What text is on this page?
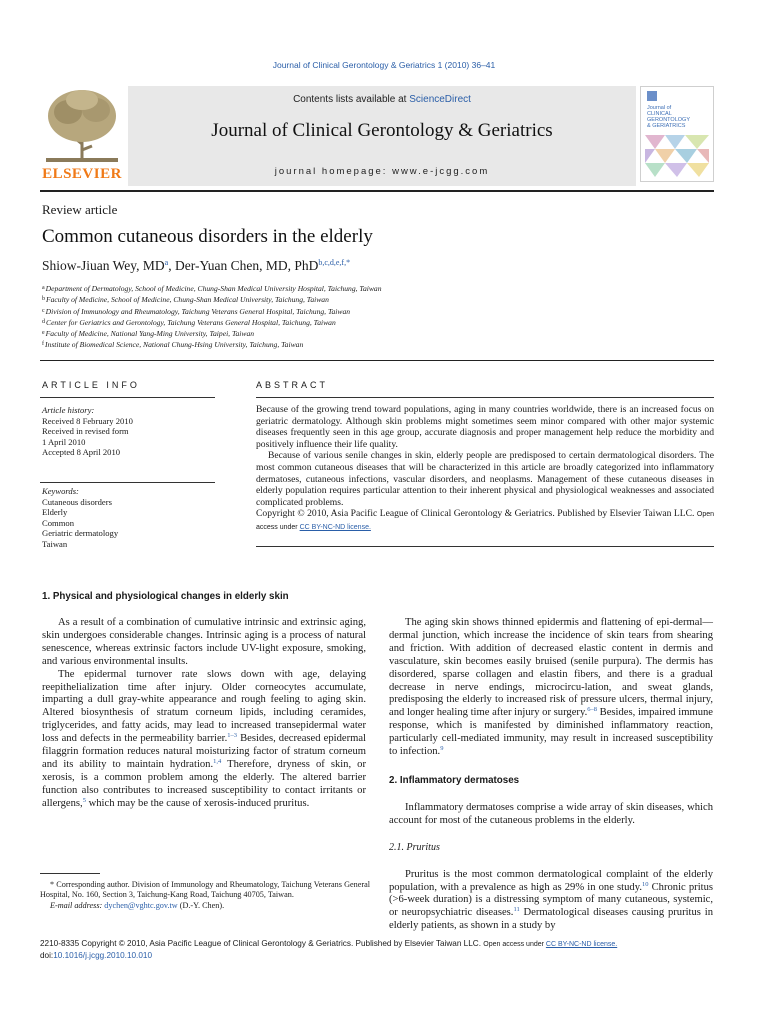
Journal of Clinical Gerontology & Geriatrics 1 (2010) 36–41
ELSEVIER
Contents lists available at ScienceDirect
Journal of Clinical Gerontology & Geriatrics
journal homepage: www.e-jcgg.com
Journal of
CLINICAL
GERONTOLOGY
& GERIATRICS
Review article
Common cutaneous disorders in the elderly
Shiow-Jiuan Wey, $MD^a$, Der-Yuan Chen, MD, PhD$^{b,c,d,e,f,*}$
$^a$Department of Dermatology, School of Medicine, Chung-Shan Medical University Hospital, Taichung, Taiwan
$^b$Faculty of Medicine, School of Medicine, Chung-Shan Medical University, Taichung, Taiwan
$^c$Division of Immunology and Rheumatology, Taichung Veterans General Hospital, Taichung, Taiwan
$^d$Center for Geriatrics and Gerontology, Taichung Veterans General Hospital, Taichung, Taiwan
$^e$Faculty of Medicine, National Yang-Ming University, Taipei, Taiwan
$^f$Institute of Biomedical Science, National Chung-Hsing University, Taichung, Taiwan
ARTICLE INFO
Article history:
Received 8 February 2010
Received in revised form
1 April 2010
Accepted 8 April 2010
Keywords:
Cutaneous disorders
Elderly
Common
Geriatric dermatology
Taiwan
ABSTRACT

Because of the growing trend toward populations, aging in many countries worldwide, there is an increased focus on geriatric dermatology. Although skin problems might sometimes seem minor compared with other major systemic diseases frequently seen in this age group, accurate diagnosis and proper management help reduce the morbidity and positively influence their life quality.

Because of various senile changes in skin, elderly people are predisposed to certain dermatological disorders. The most common cutaneous diseases that will be characterized in this article are broadly categorized into inflammatory dermatoses, cutaneous infections, vascular disorders, and neoplasms. Management of these cutaneous diseases in elderly population requires particular attention to their inherent physical and physiological weaknesses and associated complicated problems.

Copyright © 2010, Asia Pacific League of Clinical Gerontology & Geriatrics. Published by Elsevier Taiwan LLC. Open access under CC BY-NC-ND license.

1. Physical and physiological changes in elderly skin

As a result of a combination of cumulative intrinsic and extrinsic aging, skin undergoes considerable changes. Intrinsic aging is a process of natural senescence, whereas extrinsic factors include UV-light exposure, smoking, and various environmental insults.

The epidermal turnover rate slows down with age, delaying reepithelialization time after injury. Older corneocytes accumulate, imparting a dull gray-white appearance and rough feeling to aging skin. Altered biosynthesis of stratum corneum lipids, including ceramides, triglycerides, and fatty acids, may lead to increased transepidermal water loss and defects in the permeability barrier.$^{1-3}$ Besides, decreased epidermal filaggrin formation reduces natural moisturizing factor of stratum corneum and its ability to maintain hydration.$^{1,4}$ Therefore, dryness of skin, or xerosis, is a common problem among the elderly. The altered barrier function also contributes to increased susceptibility to contact irritants or allergens,$^5$ which may be the cause of xerosis-induced pruritus.

* Corresponding author. Division of Immunology and Rheumatology, Taichung Veterans General Hospital, No. 160, Section 3, Taichung-Kang Road, Taichung 40705, Taiwan.
E-mail address: dychen@vghtc.gov.tw (D.-Y. Chen).

The aging skin shows thinned epidermis and flattening of epi-dermal—dermal junction, which increase the incidence of skin tears from shearing and friction. With addition of decreased elastic content in dermis and vasculature, skin becomes easily bruised (senile purpura). The dermis has disordered, sparse collagen and elastin fibers, and there is a gradual decrease in nerve endings, microcircu-lation, and sweat glands, predisposing the elderly to increased risk of pressure ulcers, thermal injury, and longer healing time after injury or surgery.$^{6-8}$ Besides, impaired immune response, which is manifested by diminished inflammatory reaction, particularly cell-mediated immunity, may result in increased susceptibility to infection.$^9$

2. Inflammatory dermatoses

Inflammatory dermatoses comprise a wide array of skin diseases, which account for most of the cutaneous problems in the elderly.

2.1. Pruritus

Pruritus is the most common dermatological complaint of the elderly population, with a prevalence as high as 29% in one study.$^{10}$ Chronic pritus (>6-week duration) is a distressing symptom of many cutaneous, systemic, or neuropsychiatric diseases.$^{11}$ Dermatological diseases causing pruritus in elderly patients, as shown in a study by

2210-8335 Copyright © 2010, Asia Pacific League of Clinical Gerontology & Geriatrics. Published by Elsevier Taiwan LLC. Open access under CC BY-NC-ND license.
doi:10.1016/j.jcgg.2010.10.010
